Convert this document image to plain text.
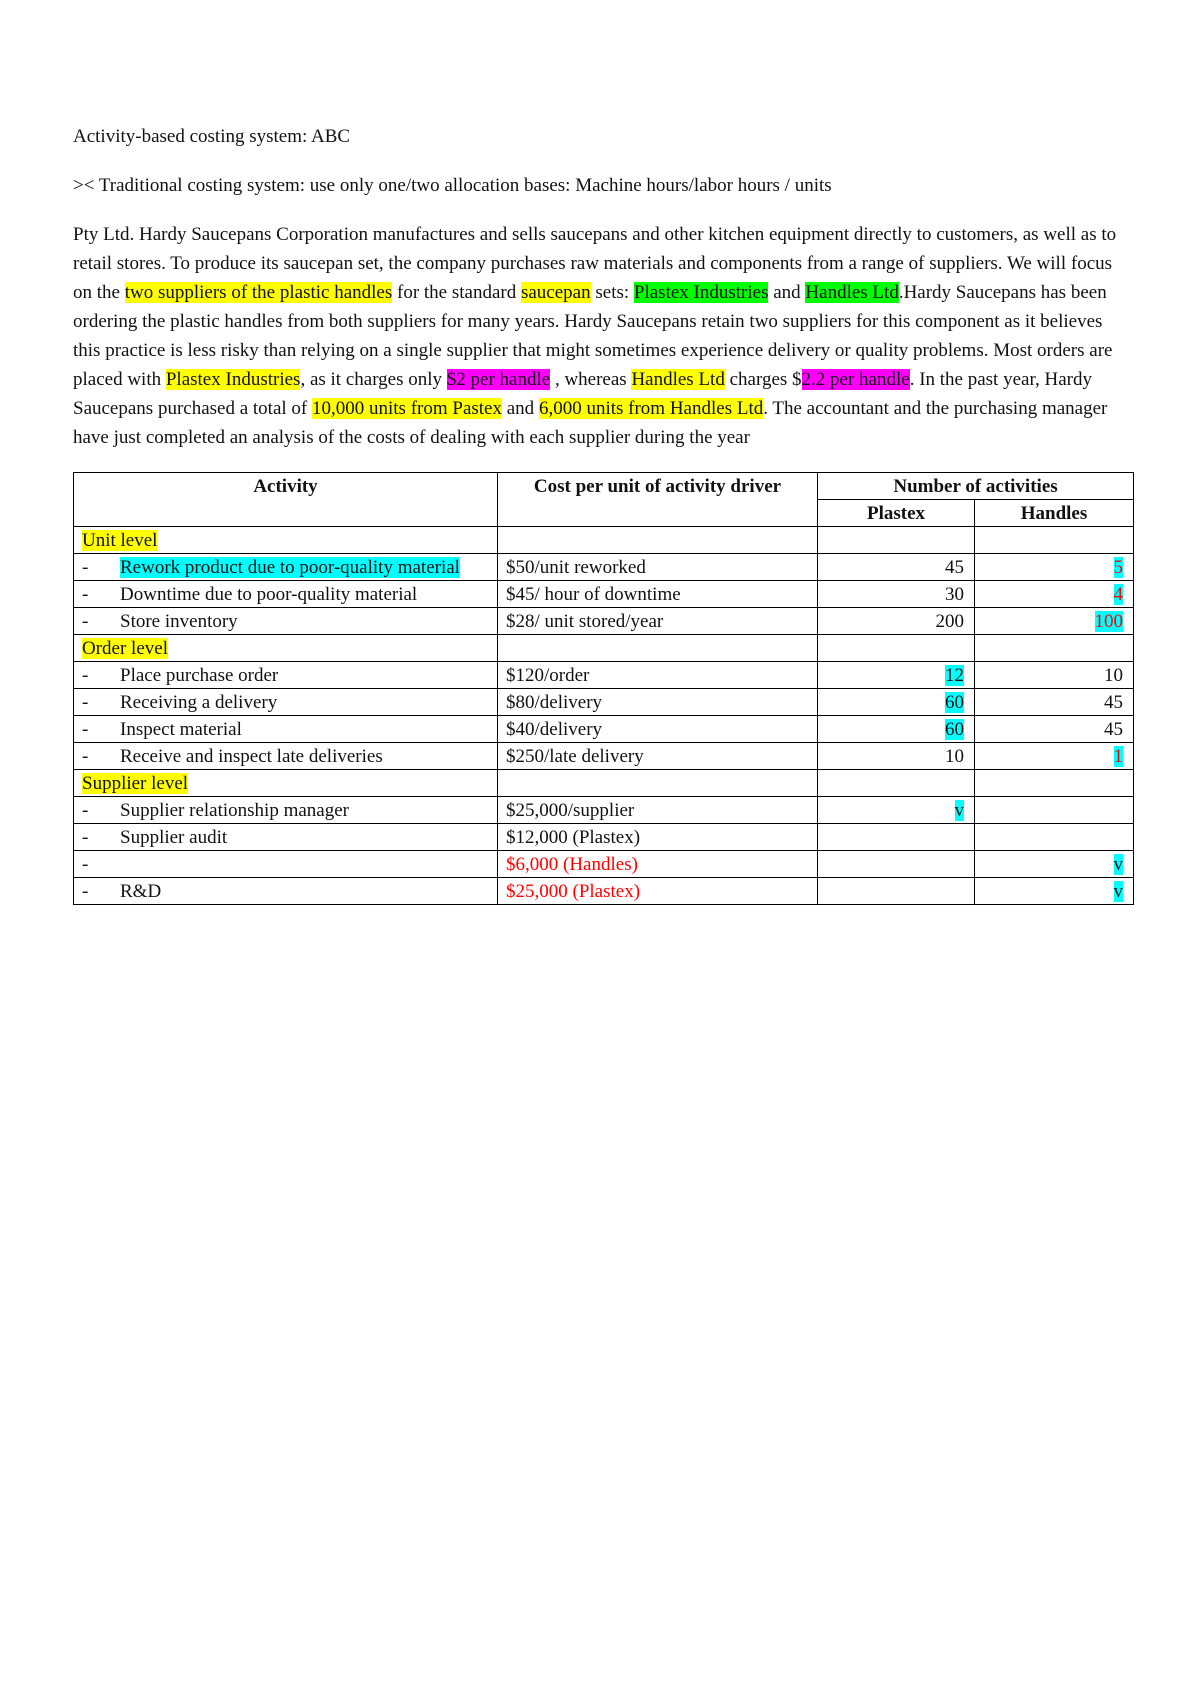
Activity-based costing system: ABC

>< Traditional costing system: use only one/two allocation bases: Machine hours/labor hours / units

Pty Ltd. Hardy Saucepans Corporation manufactures and sells saucepans and other kitchen equipment directly to customers, as well as to retail stores. To produce its saucepan set, the company purchases raw materials and components from a range of suppliers. We will focus on the two suppliers of the plastic handles for the standard saucepan sets: Plastex Industries and Handles Ltd.Hardy Saucepans has been ordering the plastic handles from both suppliers for many years. Hardy Saucepans retain two suppliers for this component as it believes this practice is less risky than relying on a single supplier that might sometimes experience delivery or quality problems. Most orders are placed with Plastex Industries, as it charges only $2 per handle , whereas Handles Ltd charges $2.2 per handle. In the past year, Hardy Saucepans purchased a total of 10,000 units from Pastex and 6,000 units from Handles Ltd. The accountant and the purchasing manager have just completed an analysis of the costs of dealing with each supplier during the year

Activity	Cost per unit of activity driver	Number of activities	
		Plastex	Handles
Unit level			

- Rework product due to poor-quality material	$50/unit reworked	45	5

- Downtime due to poor-quality material	$45/ hour of downtime	30	4

- Store inventory	$28/ unit stored/year	200	100
Order level			

- Place purchase order	$120/order	12	10

- Receiving a delivery	$80/delivery	60	45

- Inspect material	$40/delivery	60	45

- Receive and inspect late deliveries	$250/late delivery	10	1
Supplier level			

- Supplier relationship manager	$25,000/supplier	v	

- Supplier audit	$12,000 (Plastex)		

-	$6,000 (Handles)		v

- R&D	$25,000 (Plastex)		v
